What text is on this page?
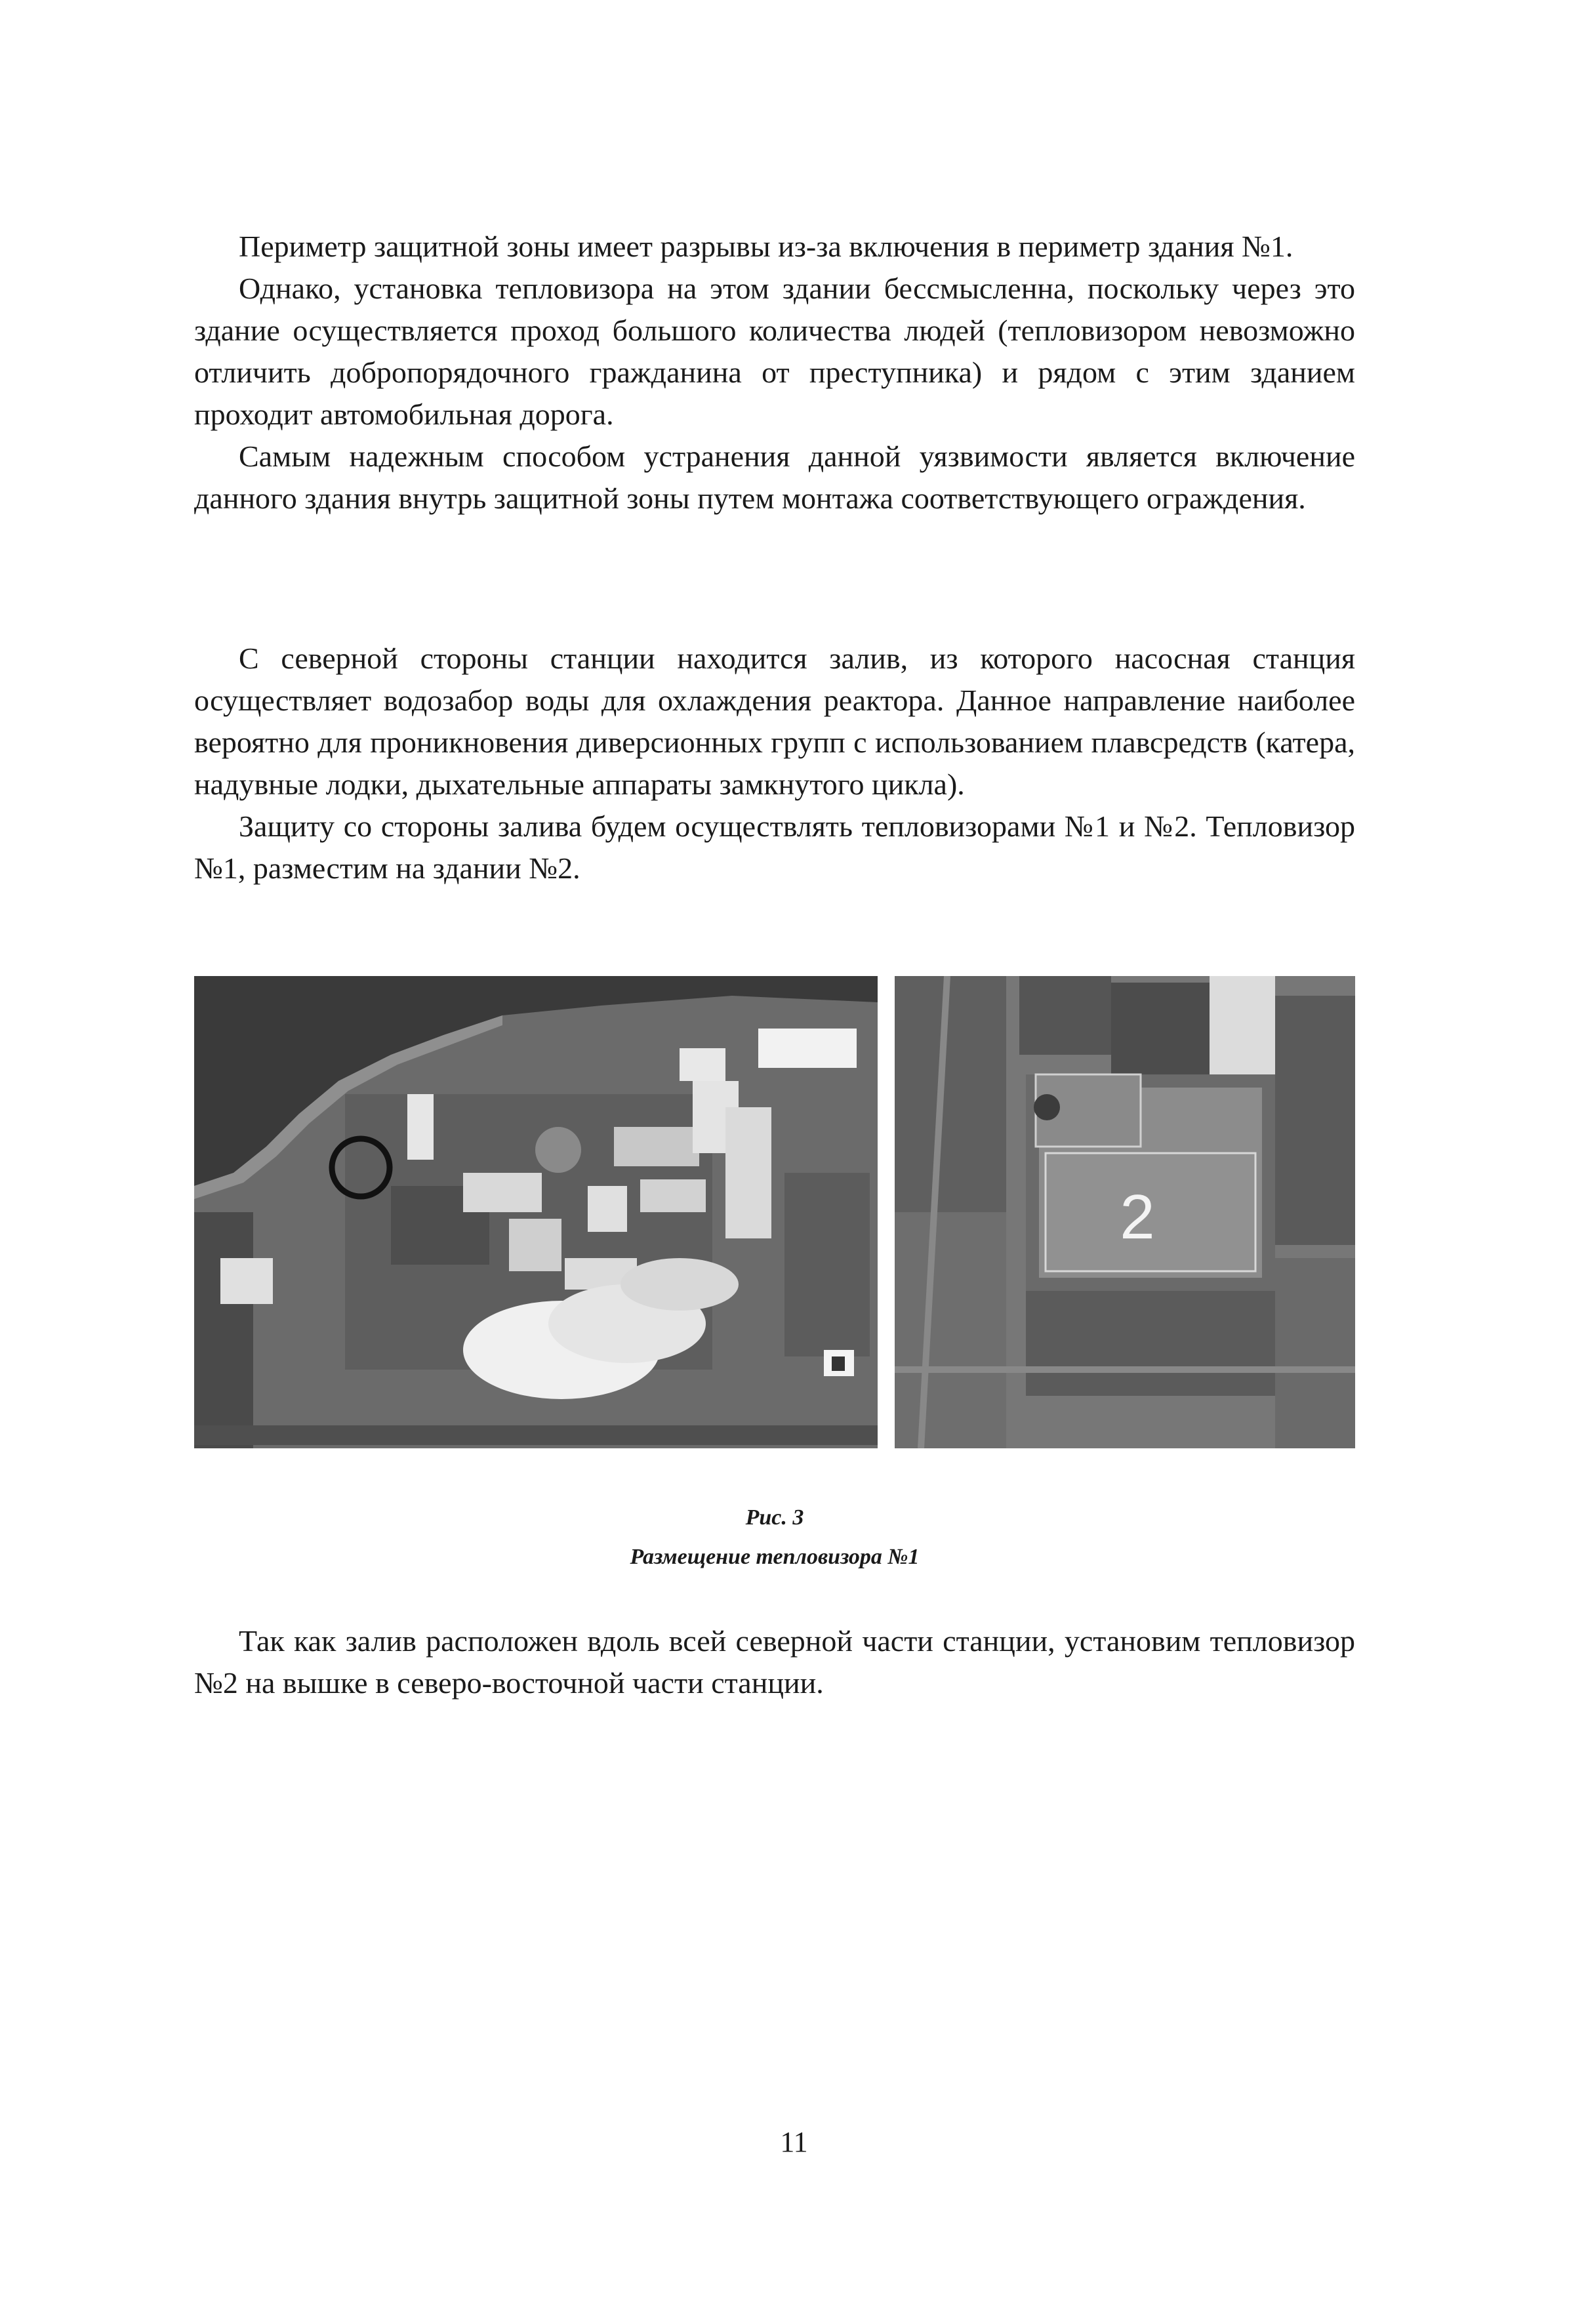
Периметр защитной зоны имеет разрывы из-за включения в периметр здания №1.

Однако, установка тепловизора на этом здании бессмысленна, поскольку через это здание осуществляется проход большого количества людей (тепловизором невозможно отличить добропорядочного гражданина от преступника) и рядом с этим зданием проходит автомобильная дорога.

Самым надежным способом устранения данной уязвимости является включение данного здания внутрь защитной зоны путем монтажа соответствующего ограждения.

С северной стороны станции находится залив, из которого насосная станция осуществляет водозабор воды для охлаждения реактора. Данное направление наиболее вероятно для проникновения диверсионных групп с использованием плавсредств (катера, надувные лодки, дыхательные аппараты замкнутого цикла).

Защиту со стороны залива будем осуществлять тепловизорами №1 и №2. Тепловизор №1, разместим на здании №2.

2
Рис. 3
Размещение тепловизора №1

Так как залив расположен вдоль всей северной части станции, установим тепловизор №2 на вышке в северо-восточной части станции.

11
